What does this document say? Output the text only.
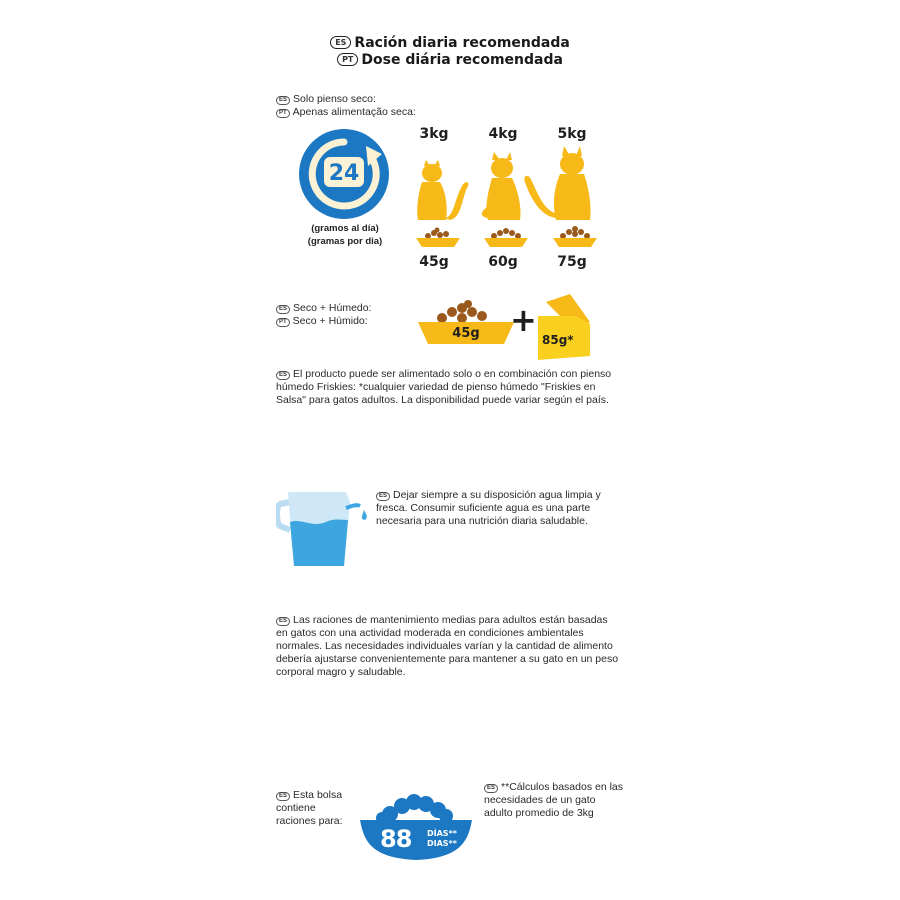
ES Ración diaria recomendada
PT Dose diária recomendada
ES Solo pienso seco:
PT Apenas alimentação seca:
24
(gramos al día)
(gramas por dia)
3kg	4kg	5kg
45g	60g	75g
ES Seco + Húmedo:
PT Seco + Húmido:
45g +
85g*
ES El producto puede ser alimentado solo o en combinación con pienso húmedo Friskies: *cualquier variedad de pienso húmedo "Friskies en Salsa" para gatos adultos. La disponibilidad puede variar según el país.
ES Dejar siempre a su disposición agua limpia y fresca. Consumir suficiente agua es una parte necesaria para una nutrición diaria saludable.
ES Las raciones de mantenimiento medias para adultos están basadas en gatos con una actividad moderada en condiciones ambientales normales. Las necesidades individuales varían y la cantidad de alimento debería ajustarse convenientemente para mantener a su gato en un peso corporal magro y saludable.
ES Esta bolsa contiene raciones para:
88 DÍAS**
DIAS**
ES **Cálculos basados en las necesidades de un gato adulto promedio de 3kg
